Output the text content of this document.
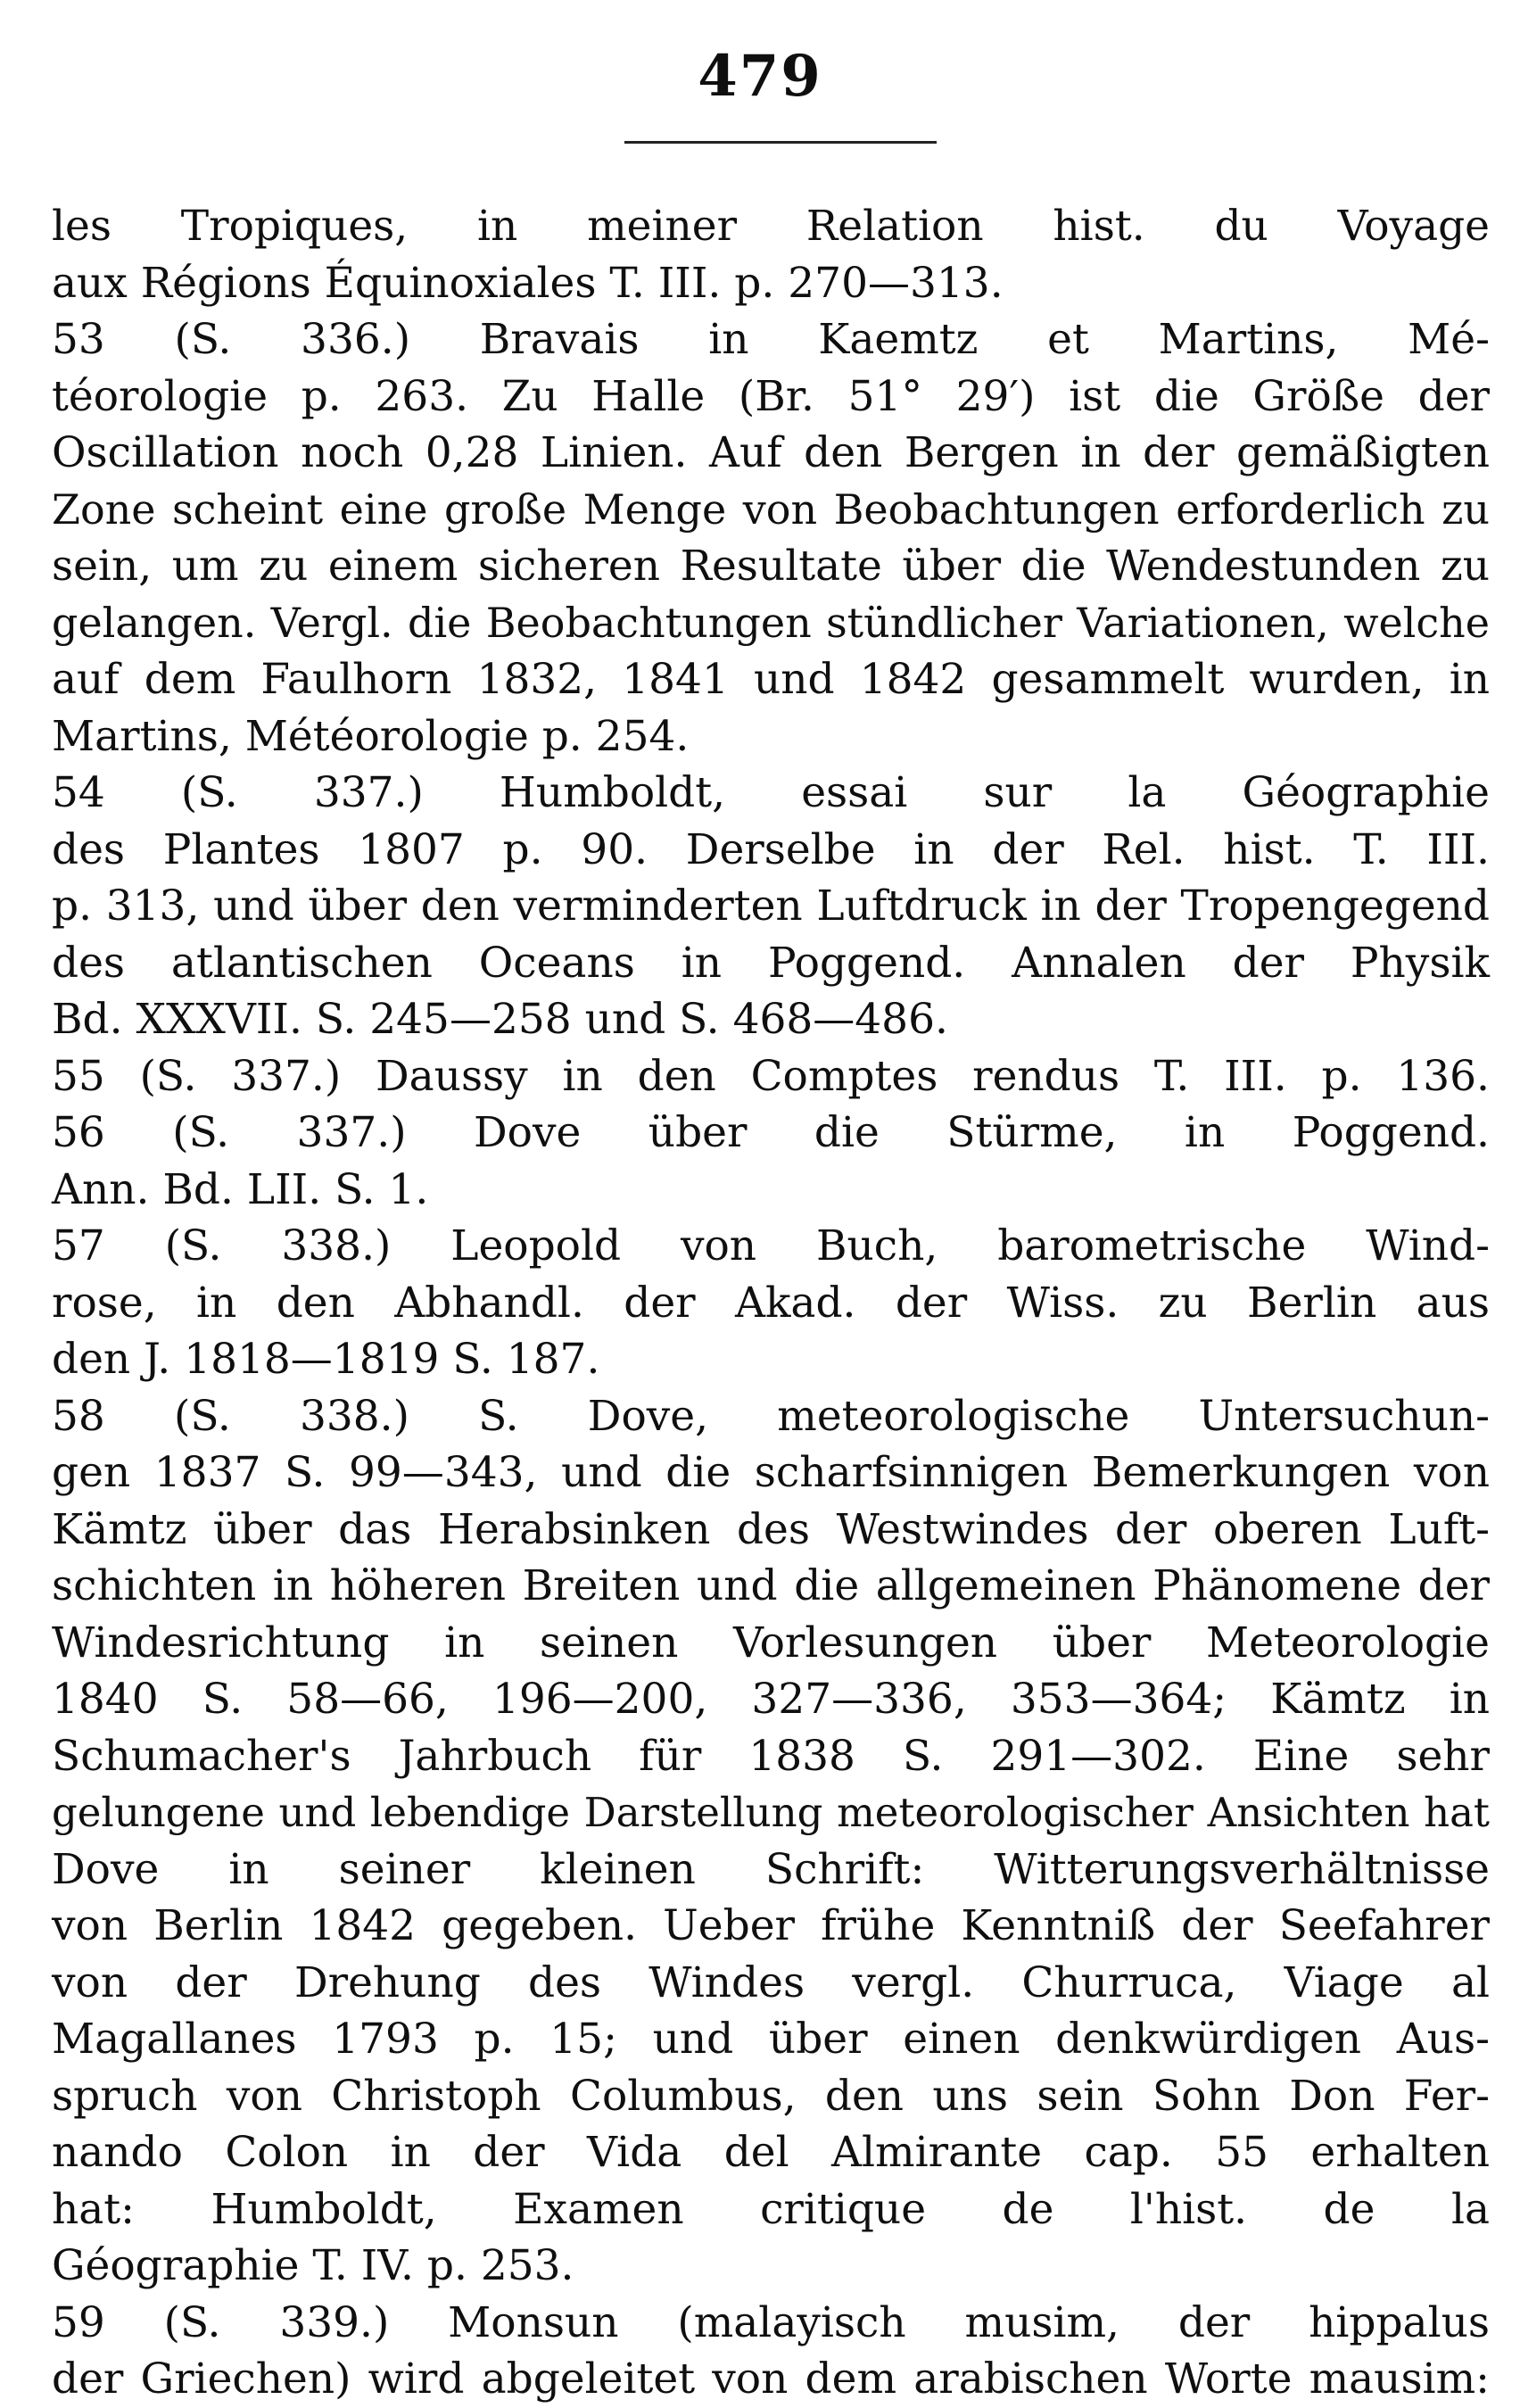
479
les Tropiques, in meiner Relation hist. du Voyage
aux Régions Équinoxiales T. III. p. 270—313.
53 (S. 336.) Bravais in Kaemtz et Martins, Mé-
téorologie p. 263. Zu Halle (Br. 51° 29′) ist die Größe der
Oscillation noch 0,28 Linien. Auf den Bergen in der gemäßigten
Zone scheint eine große Menge von Beobachtungen erforderlich zu
sein, um zu einem sicheren Resultate über die Wendestunden zu
gelangen. Vergl. die Beobachtungen stündlicher Variationen, welche
auf dem Faulhorn 1832, 1841 und 1842 gesammelt wurden, in
Martins, Météorologie p. 254.
54 (S. 337.) Humboldt, essai sur la Géographie
des Plantes 1807 p. 90. Derselbe in der Rel. hist. T. III.
p. 313, und über den verminderten Luftdruck in der Tropengegend
des atlantischen Oceans in Poggend. Annalen der Physik
Bd. XXXVII. S. 245—258 und S. 468—486.
55 (S. 337.) Daussy in den Comptes rendus T. III. p. 136.
56 (S. 337.) Dove über die Stürme, in Poggend.
Ann. Bd. LII. S. 1.
57 (S. 338.) Leopold von Buch, barometrische Wind-
rose, in den Abhandl. der Akad. der Wiss. zu Berlin aus
den J. 1818—1819 S. 187.
58 (S. 338.) S. Dove, meteorologische Untersuchun-
gen 1837 S. 99—343, und die scharfsinnigen Bemerkungen von
Kämtz über das Herabsinken des Westwindes der oberen Luft-
schichten in höheren Breiten und die allgemeinen Phänomene der
Windesrichtung in seinen Vorlesungen über Meteorologie
1840 S. 58—66, 196—200, 327—336, 353—364; Kämtz in
Schumacher's Jahrbuch für 1838 S. 291—302. Eine sehr
gelungene und lebendige Darstellung meteorologischer Ansichten hat
Dove in seiner kleinen Schrift: Witterungsverhältnisse
von Berlin 1842 gegeben. Ueber frühe Kenntniß der Seefahrer
von der Drehung des Windes vergl. Churruca, Viage al
Magallanes 1793 p. 15; und über einen denkwürdigen Aus-
spruch von Christoph Columbus, den uns sein Sohn Don Fer-
nando Colon in der Vida del Almirante cap. 55 erhalten
hat: Humboldt, Examen critique de l'hist. de la
Géographie T. IV. p. 253.
59 (S. 339.) Monsun (malayisch musim, der hippalus
der Griechen) wird abgeleitet von dem arabischen Worte mausim:
